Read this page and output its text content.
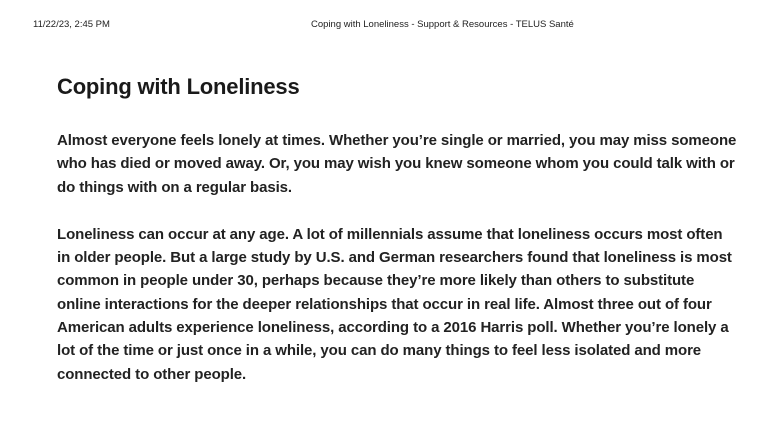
11/22/23, 2:45 PM	Coping with Loneliness - Support & Resources - TELUS Santé
Coping with Loneliness

Almost everyone feels lonely at times. Whether you’re single or married, you may miss someone who has died or moved away. Or, you may wish you knew someone whom you could talk with or do things with on a regular basis.

Loneliness can occur at any age. A lot of millennials assume that loneliness occurs most often in older people. But a large study by U.S. and German researchers found that loneliness is most common in people under 30, perhaps because they’re more likely than others to substitute online interactions for the deeper relationships that occur in real life. Almost three out of four American adults experience loneliness, according to a 2016 Harris poll. Whether you’re lonely a lot of the time or just once in a while, you can do many things to feel less isolated and more connected to other people.
